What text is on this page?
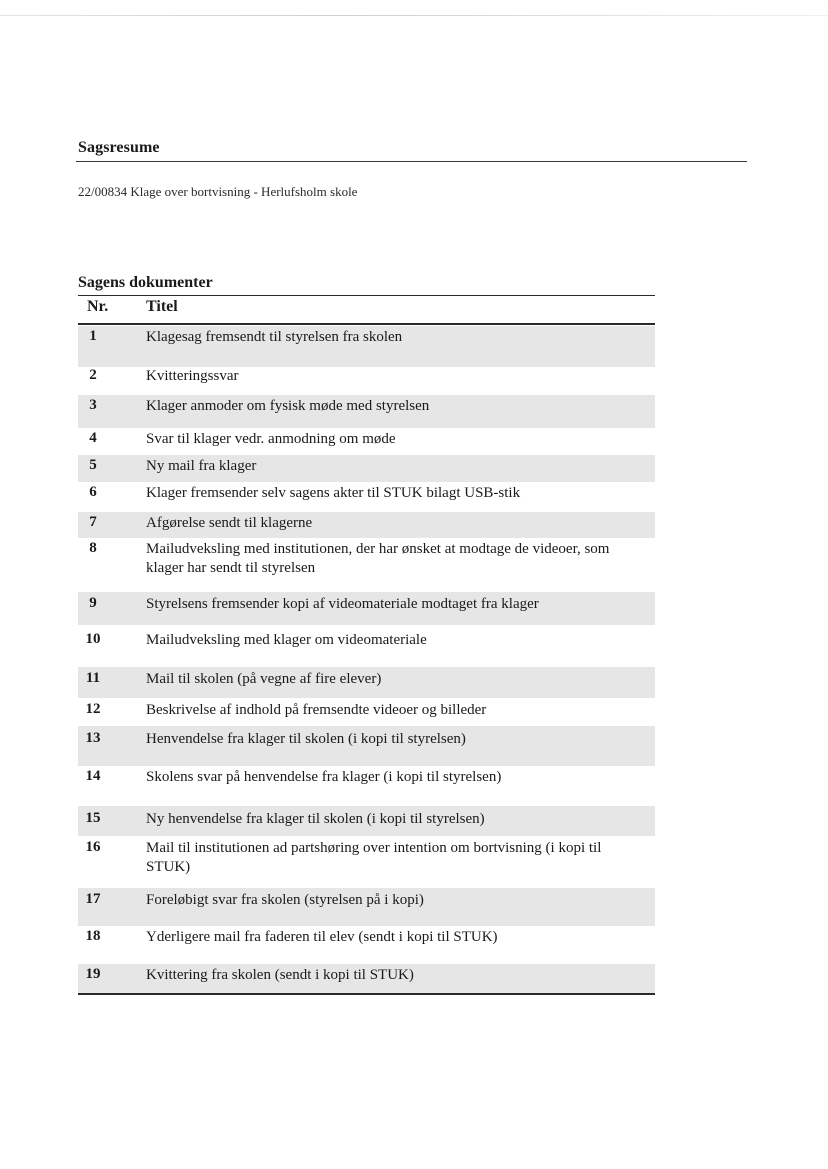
Sagsresume
22/00834 Klage over bortvisning - Herlufsholm skole
Sagens dokumenter
Nr. Titel
1	Klagesag fremsendt til styrelsen fra skolen
2	Kvitteringssvar
3	Klager anmoder om fysisk møde med styrelsen
4	Svar til klager vedr. anmodning om møde
5	Ny mail fra klager
6	Klager fremsender selv sagens akter til STUK bilagt USB-stik
7	Afgørelse sendt til klagerne
8	Mailudveksling med institutionen, der har ønsket at modtage de videoer, som klager har sendt til styrelsen
9	Styrelsens fremsender kopi af videomateriale modtaget fra klager
10	Mailudveksling med klager om videomateriale
11	Mail til skolen (på vegne af fire elever)
12	Beskrivelse af indhold på fremsendte videoer og billeder
13	Henvendelse fra klager til skolen (i kopi til styrelsen)
14	Skolens svar på henvendelse fra klager (i kopi til styrelsen)
15	Ny henvendelse fra klager til skolen (i kopi til styrelsen)
16	Mail til institutionen ad partshøring over intention om bortvisning (i kopi til STUK)
17	Foreløbigt svar fra skolen (styrelsen på i kopi)
18	Yderligere mail fra faderen til elev (sendt i kopi til STUK)
19	Kvittering fra skolen (sendt i kopi til STUK)
